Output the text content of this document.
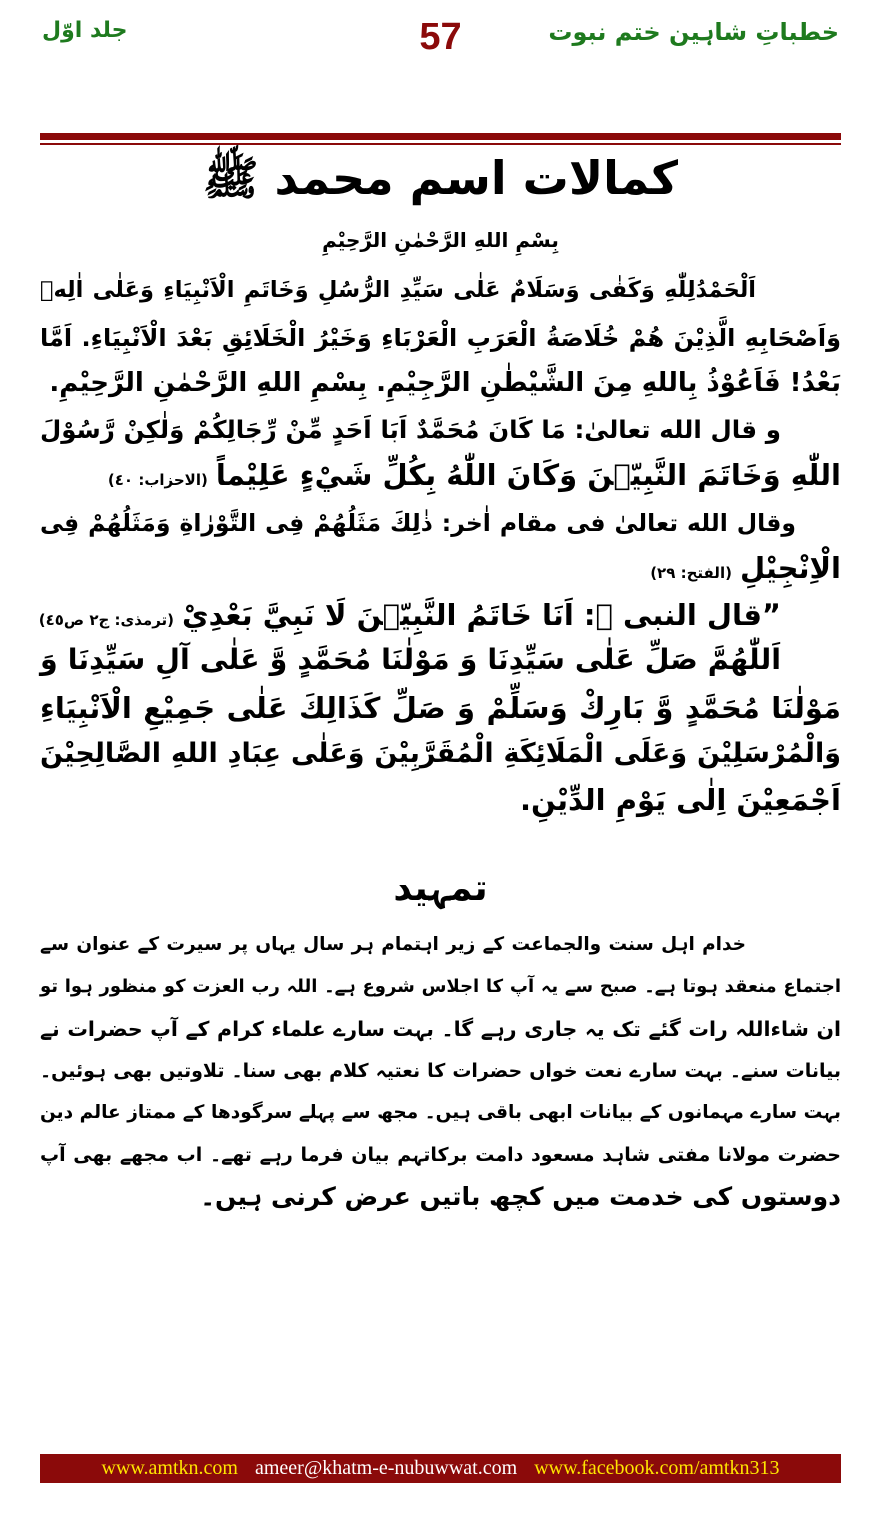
خطباتِ شاہین ختم نبوت
57
جلد اوّل
كمالات اسم محمد ﷺ
بِسْمِ اللهِ الرَّحْمٰنِ الرَّحِيْمِ
اَلْحَمْدُلِلّٰهِ وَكَفٰى وَسَلَامٌ عَلٰى سَيِّدِ الرُّسُلِ وَخَاتَمِ الْاَنْبِيَاءِ وَعَلٰى اٰلِهٖ
وَاَصْحَابِهِ الَّذِيْنَ هُمْ خُلَاصَةُ الْعَرَبِ الْعَرْبَاءِ وَخَيْرُ الْخَلَائِقِ بَعْدَ الْاَنْبِيَاءِ. اَمَّا
بَعْدُ! فَاَعُوْذُ بِاللهِ مِنَ الشَّيْطٰنِ الرَّجِيْمِ. بِسْمِ اللهِ الرَّحْمٰنِ الرَّحِيْمِ.
و قال الله تعالىٰ: مَا كَانَ مُحَمَّدٌ اَبَا اَحَدٍ مِّنْ رِّجَالِكُمْ وَلٰكِنْ رَّسُوْلَ
اللّٰهِ وَخَاتَمَ النَّبِيّٖنَ وَكَانَ اللّٰهُ بِكُلِّ شَيْءٍ عَلِيْماً(الاحزاب: ٤٠)
وقال الله تعالىٰ فى مقام اٰخر: ذٰلِكَ مَثَلُهُمْ فِى التَّوْرٰاةِ وَمَثَلُهُمْ فِى
الْاِنْجِيْلِ(الفتح: ٢٩)
”قال النبى ﷺ: اَنَا خَاتَمُ النَّبِيّٖنَ لَا نَبِيَّ بَعْدِيْ(ترمذى: ج٢ ص٤٥)
اَللّٰهُمَّ صَلِّ عَلٰى سَيِّدِنَا وَ مَوْلٰنَا مُحَمَّدٍ وَّ عَلٰى آلِ سَيِّدِنَا وَ
مَوْلٰنَا مُحَمَّدٍ وَّ بَارِكْ وَسَلِّمْ وَ صَلِّ كَذَالِكَ عَلٰى جَمِيْعِ الْاَنْبِيَاءِ
وَالْمُرْسَلِيْنَ وَعَلَى الْمَلَائِكَةِ الْمُقَرَّبِيْنَ وَعَلٰى عِبَادِ اللهِ الصَّالِحِيْنَ
اَجْمَعِيْنَ اِلٰى يَوْمِ الدِّيْنِ.
تمہید
خدام اہل سنت والجماعت کے زیر اہتمام ہر سال یہاں پر سیرت کے عنوان سے
اجتماع منعقد ہوتا ہے۔ صبح سے یہ آپ کا اجلاس شروع ہے۔ اللہ رب العزت کو منظور ہوا تو
ان شاءاللہ رات گئے تک یہ جاری رہے گا۔ بہت سارے علماء کرام کے آپ حضرات نے
بیانات سنے۔ بہت سارے نعت خواں حضرات کا نعتیہ کلام بھی سنا۔ تلاوتیں بھی ہوئیں۔
بہت سارے مہمانوں کے بیانات ابھی باقی ہیں۔ مجھ سے پہلے سرگودھا کے ممتاز عالم دین
حضرت مولانا مفتی شاہد مسعود دامت برکاتہم بیان فرما رہے تھے۔ اب مجھے بھی آپ
دوستوں کی خدمت میں کچھ باتیں عرض کرنی ہیں۔
www.amtkn.com ameer@khatm-e-nubuwwat.com www.facebook.com/amtkn313
